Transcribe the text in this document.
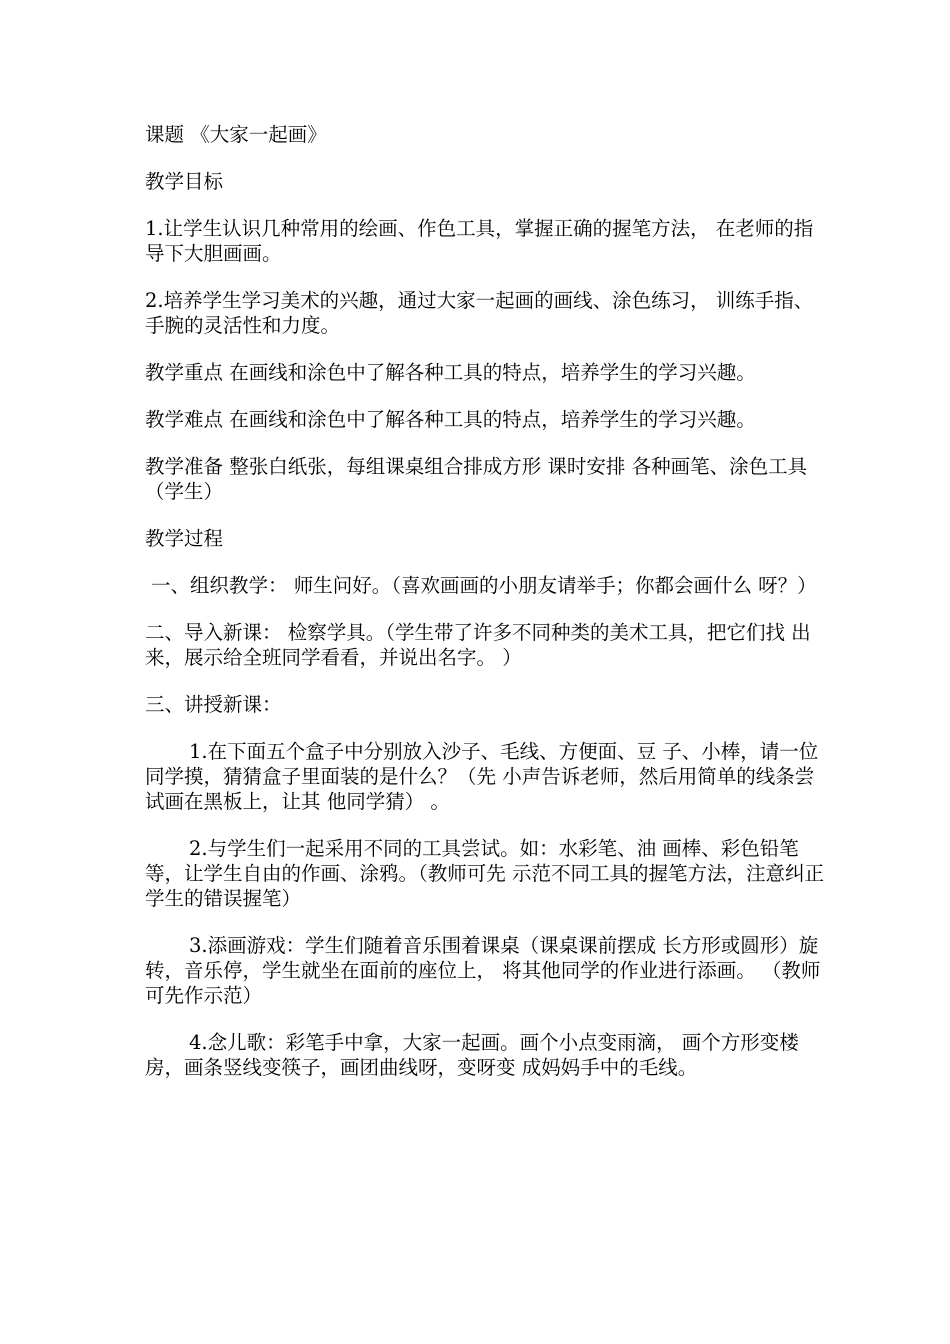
课题 《大家一起画》

教学目标

1.让学生认识几种常用的绘画、作色工具，掌握正确的握笔方法， 在老师的指导下大胆画画。

2.培养学生学习美术的兴趣，通过大家一起画的画线、涂色练习， 训练手指、手腕的灵活性和力度。

教学重点 在画线和涂色中了解各种工具的特点，培养学生的学习兴趣。

教学难点 在画线和涂色中了解各种工具的特点，培养学生的学习兴趣。

教学准备 整张白纸张，每组课桌组合排成方形 课时安排 各种画笔、涂色工具（学生）

教学过程

一、组织教学： 师生问好。（喜欢画画的小朋友请举手；你都会画什么 呀？）

二、导入新课： 检察学具。（学生带了许多不同种类的美术工具，把它们找 出来，展示给全班同学看看，并说出名字。 ）

三、讲授新课：

1.在下面五个盒子中分别放入沙子、毛线、方便面、豆 子、小棒，请一位同学摸，猜猜盒子里面装的是什么？（先 小声告诉老师，然后用简单的线条尝试画在黑板上，让其 他同学猜） 。

2.与学生们一起采用不同的工具尝试。如：水彩笔、油 画棒、彩色铅笔等，让学生自由的作画、涂鸦。（教师可先 示范不同工具的握笔方法，注意纠正学生的错误握笔）

3.添画游戏：学生们随着音乐围着课桌（课桌课前摆成 长方形或圆形）旋转，音乐停，学生就坐在面前的座位上， 将其他同学的作业进行添画。 （教师可先作示范）

4.念儿歌：彩笔手中拿，大家一起画。画个小点变雨滴， 画个方形变楼房，画条竖线变筷子，画团曲线呀，变呀变 成妈妈手中的毛线。
